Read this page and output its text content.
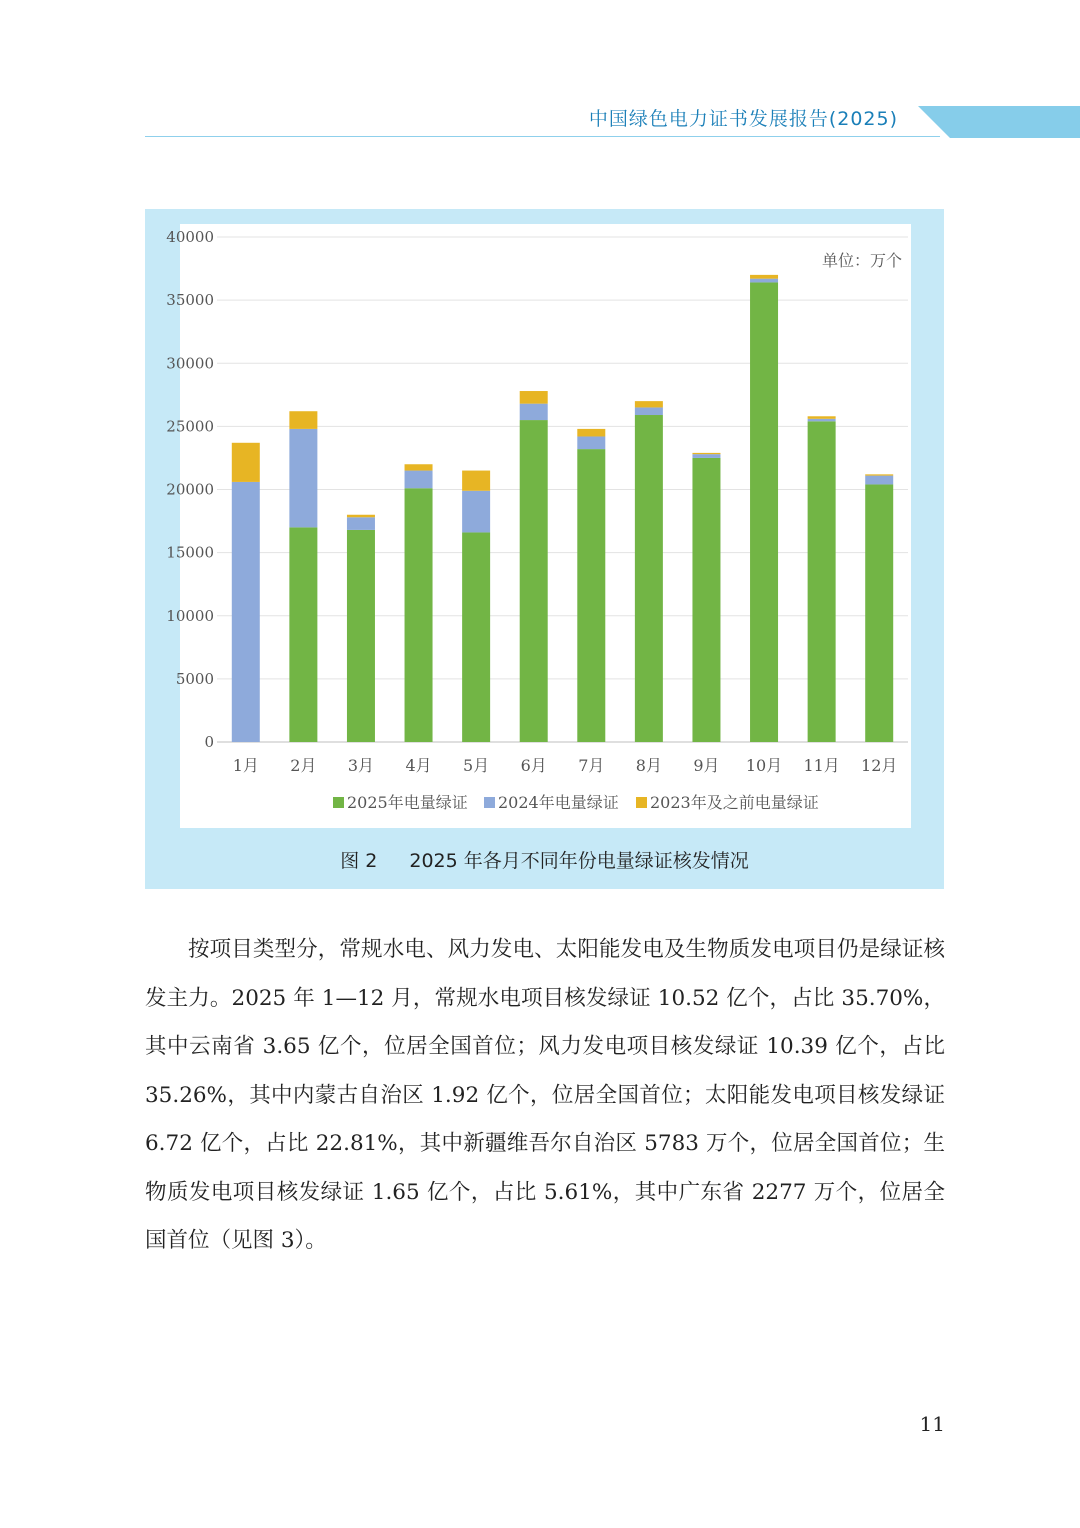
中国绿色电力证书发展报告(2025)
0
5000
10000
15000
20000
25000
30000
35000
40000
1月 2月 3月 4月 5月 6月 7月 8月 9月 10月 11月 12月
单位：万个
2025年电量绿证 2024年电量绿证 2023年及之前电量绿证
图 2 2025 年各月不同年份电量绿证核发情况

按项目类型分，常规水电、风力发电、太阳能发电及生物质发电项目仍是绿证核发主力。2025 年 1—12 月，常规水电项目核发绿证 10.52 亿个，占比 35.70%，其中云南省 3.65 亿个，位居全国首位；风力发电项目核发绿证 10.39 亿个，占比 35.26%，其中内蒙古自治区 1.92 亿个，位居全国首位；太阳能发电项目核发绿证 6.72 亿个，占比 22.81%，其中新疆维吾尔自治区 5783 万个，位居全国首位；生物质发电项目核发绿证 1.65 亿个，占比 5.61%，其中广东省 2277 万个，位居全国首位（见图 3）。

11
